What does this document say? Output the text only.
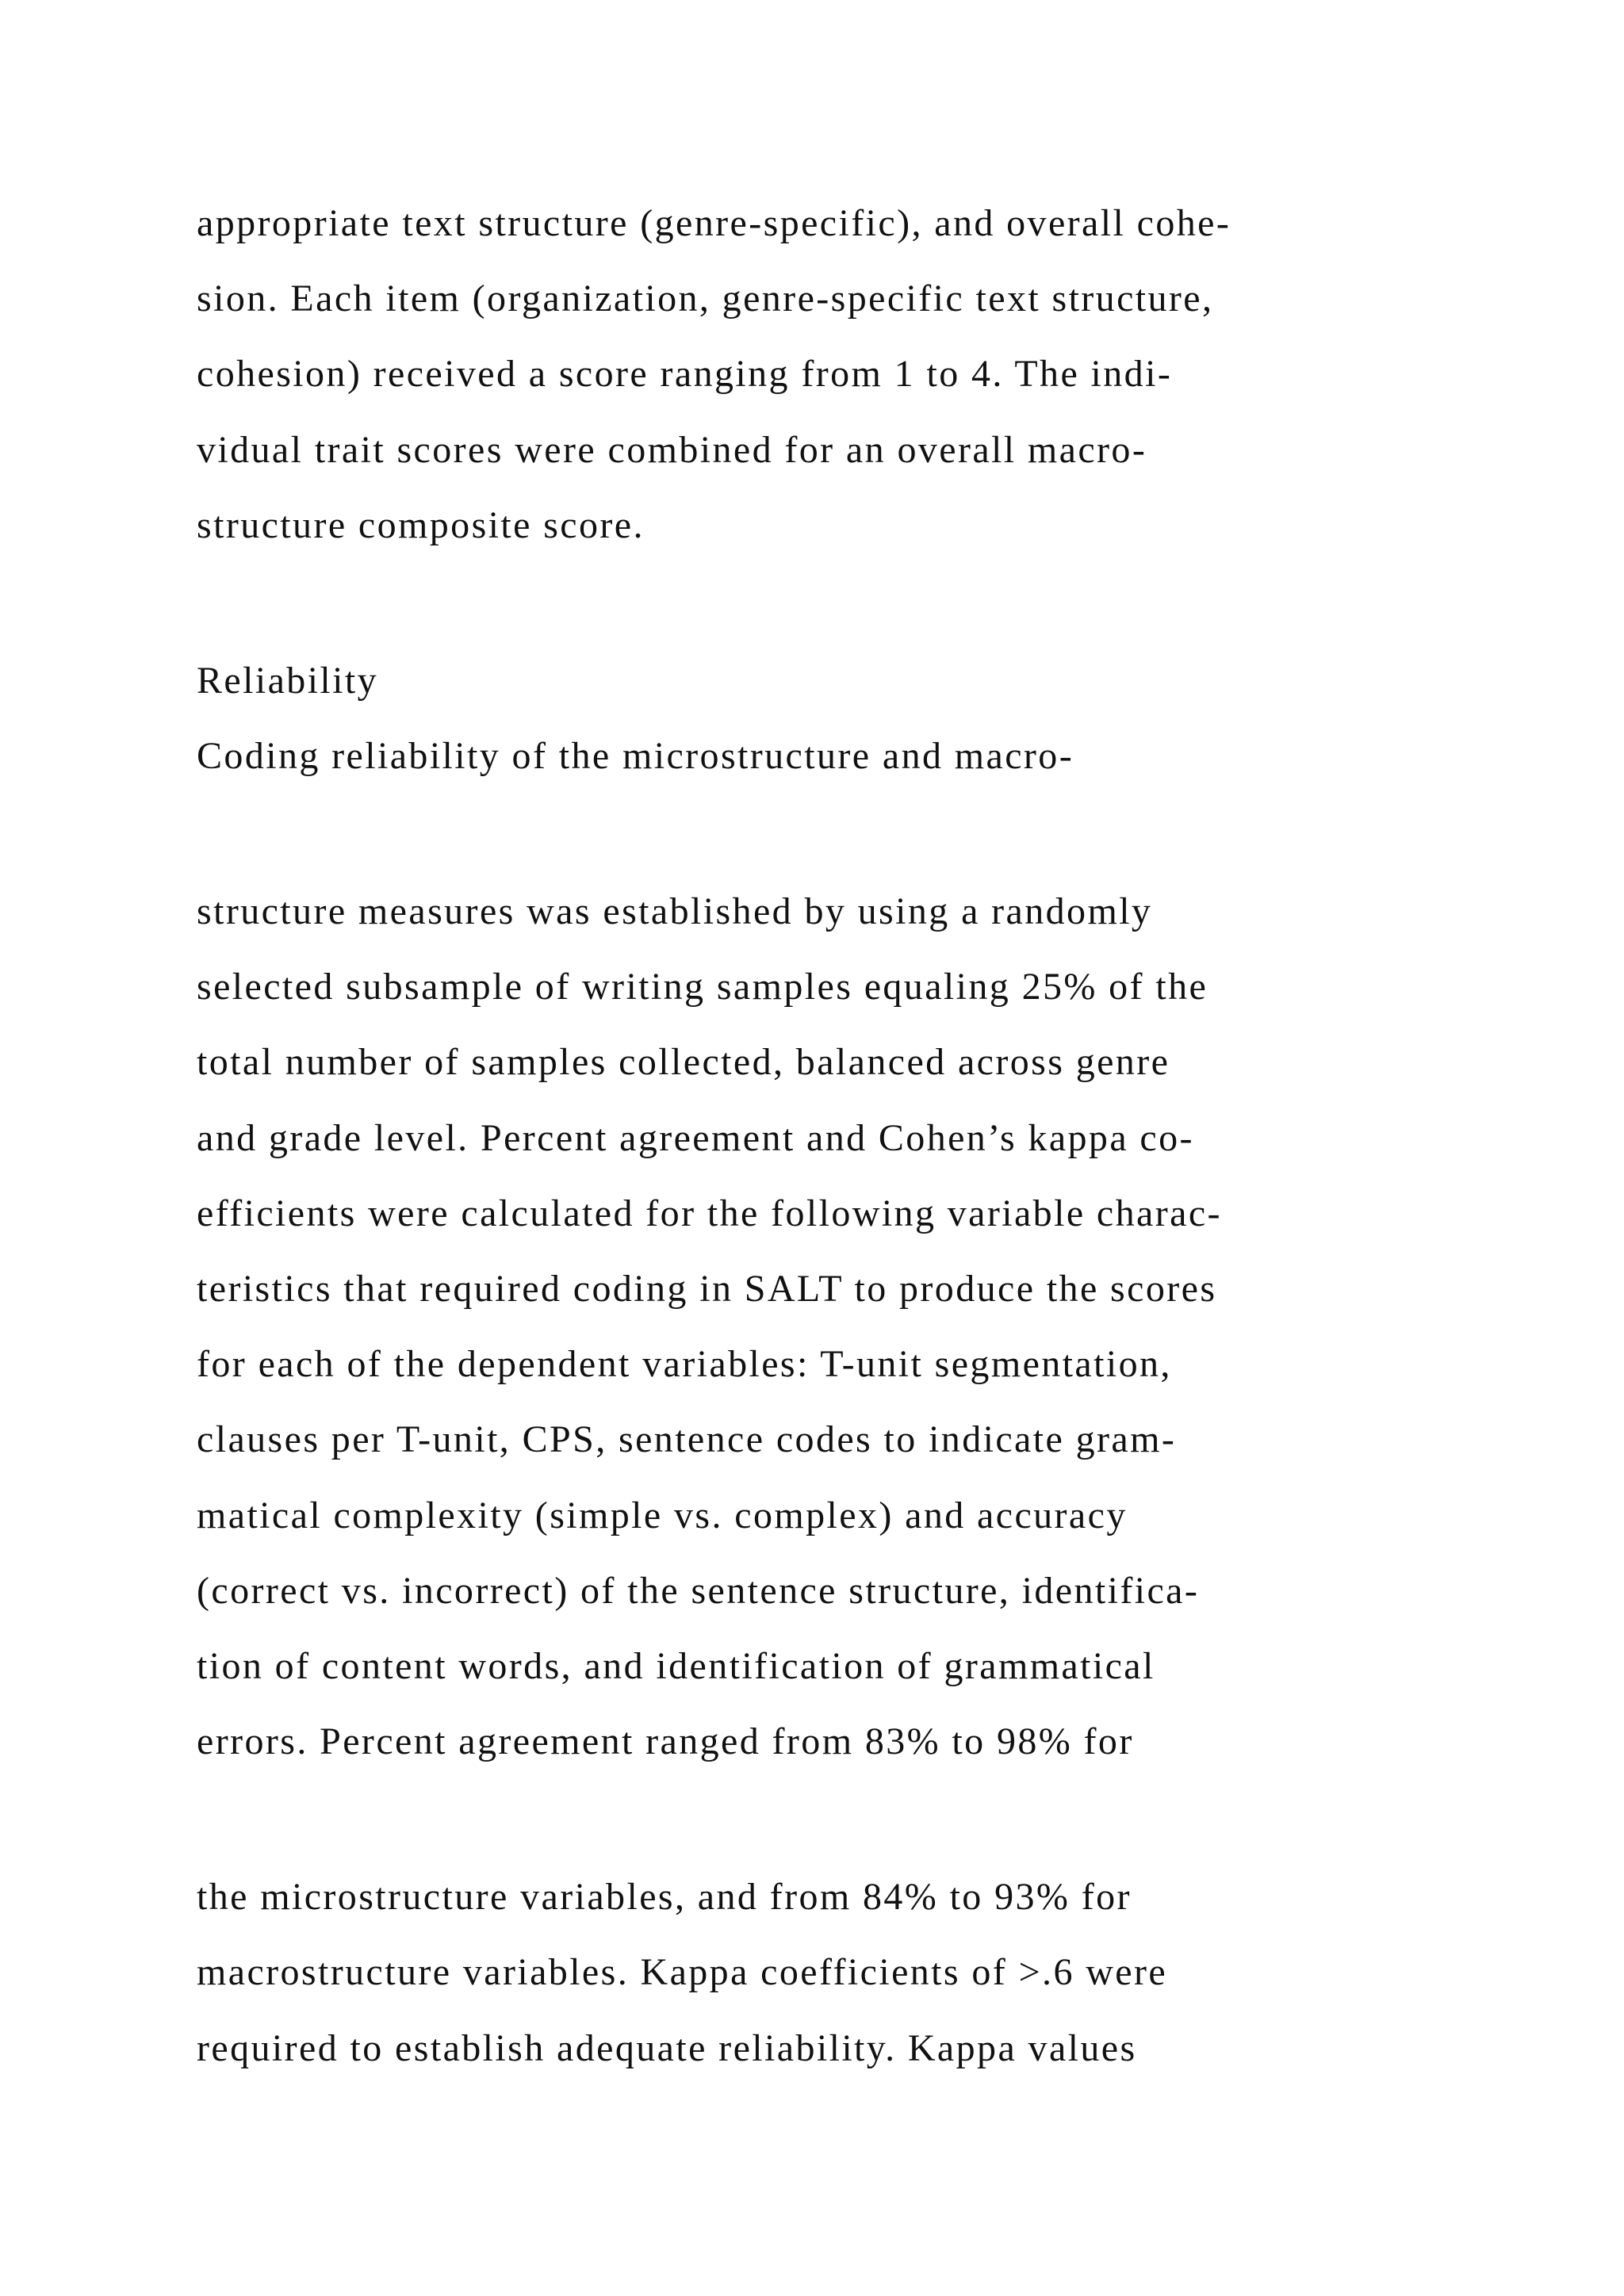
appropriate text structure (genre-specific), and overall cohe-
sion. Each item (organization, genre-specific text structure,
cohesion) received a score ranging from 1 to 4. The indi-
vidual trait scores were combined for an overall macro-
structure composite score.
Reliability
Coding reliability of the microstructure and macro-
structure measures was established by using a randomly
selected subsample of writing samples equaling 25% of the
total number of samples collected, balanced across genre
and grade level. Percent agreement and Cohen’s kappa co-
efficients were calculated for the following variable charac-
teristics that required coding in SALT to produce the scores
for each of the dependent variables: T-unit segmentation,
clauses per T-unit, CPS, sentence codes to indicate gram-
matical complexity (simple vs. complex) and accuracy
(correct vs. incorrect) of the sentence structure, identifica-
tion of content words, and identification of grammatical
errors. Percent agreement ranged from 83% to 98% for
the microstructure variables, and from 84% to 93% for
macrostructure variables. Kappa coefficients of >.6 were
required to establish adequate reliability. Kappa values
